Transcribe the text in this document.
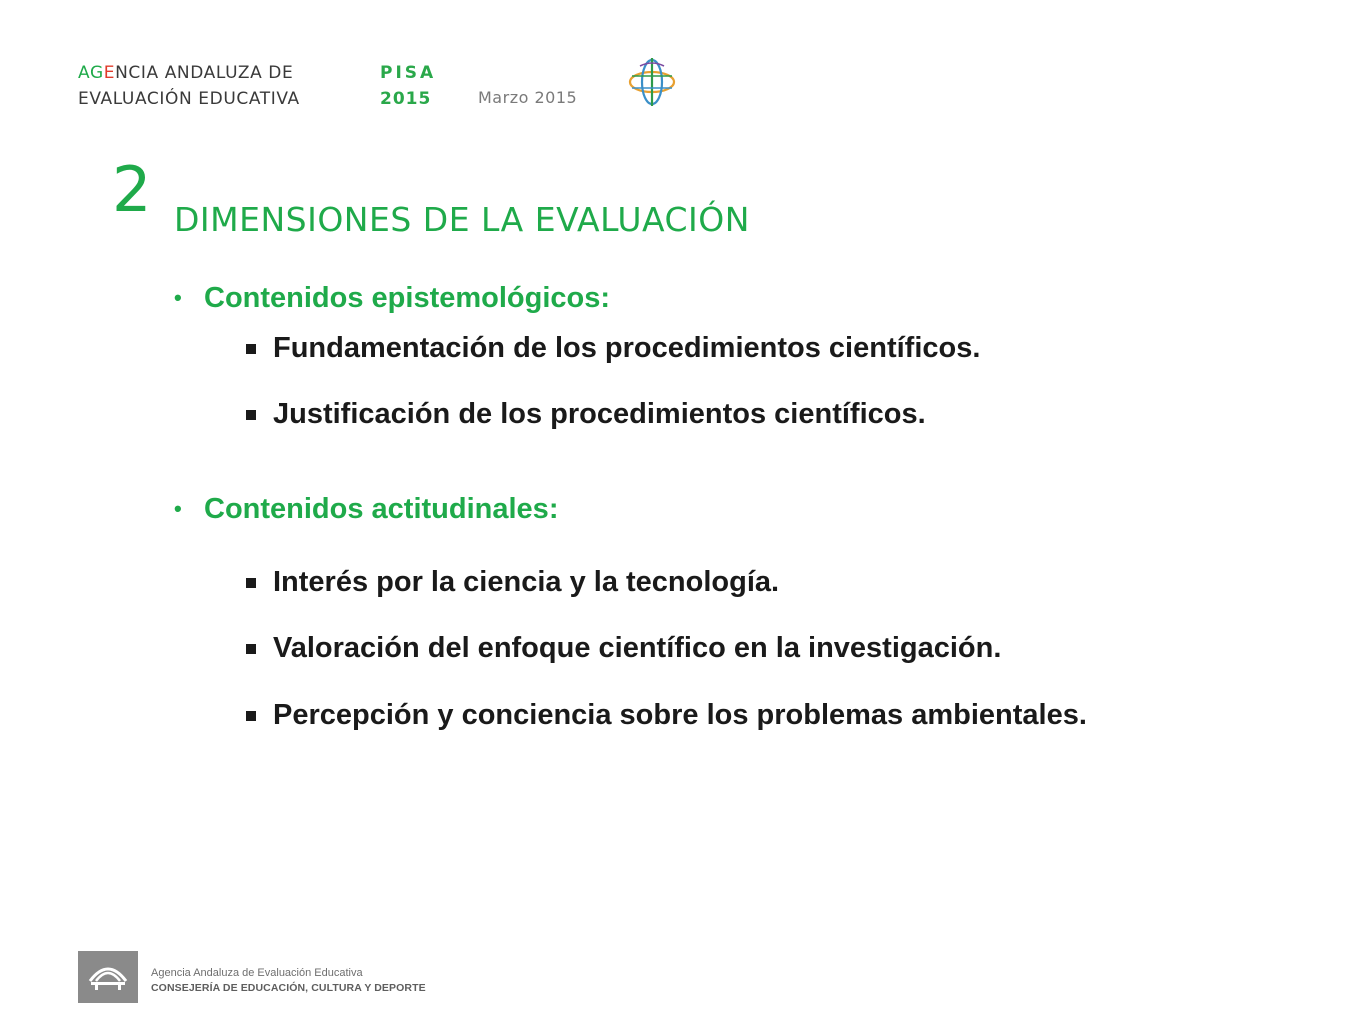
AGENCIA ANDALUZA DE
EVALUACIÓN EDUCATIVA
PISA
2015	Marzo 2015
2 DIMENSIONES DE LA EVALUACIÓN
• Contenidos epistemológicos:
Fundamentación de los procedimientos científicos.
Justificación de los procedimientos científicos.
• Contenidos actitudinales:
Interés por la ciencia y la tecnología.
Valoración del enfoque científico en la investigación.
Percepción y conciencia sobre los problemas ambientales.
Agencia Andaluza de Evaluación Educativa
CONSEJERÍA DE EDUCACIÓN, CULTURA Y DEPORTE
